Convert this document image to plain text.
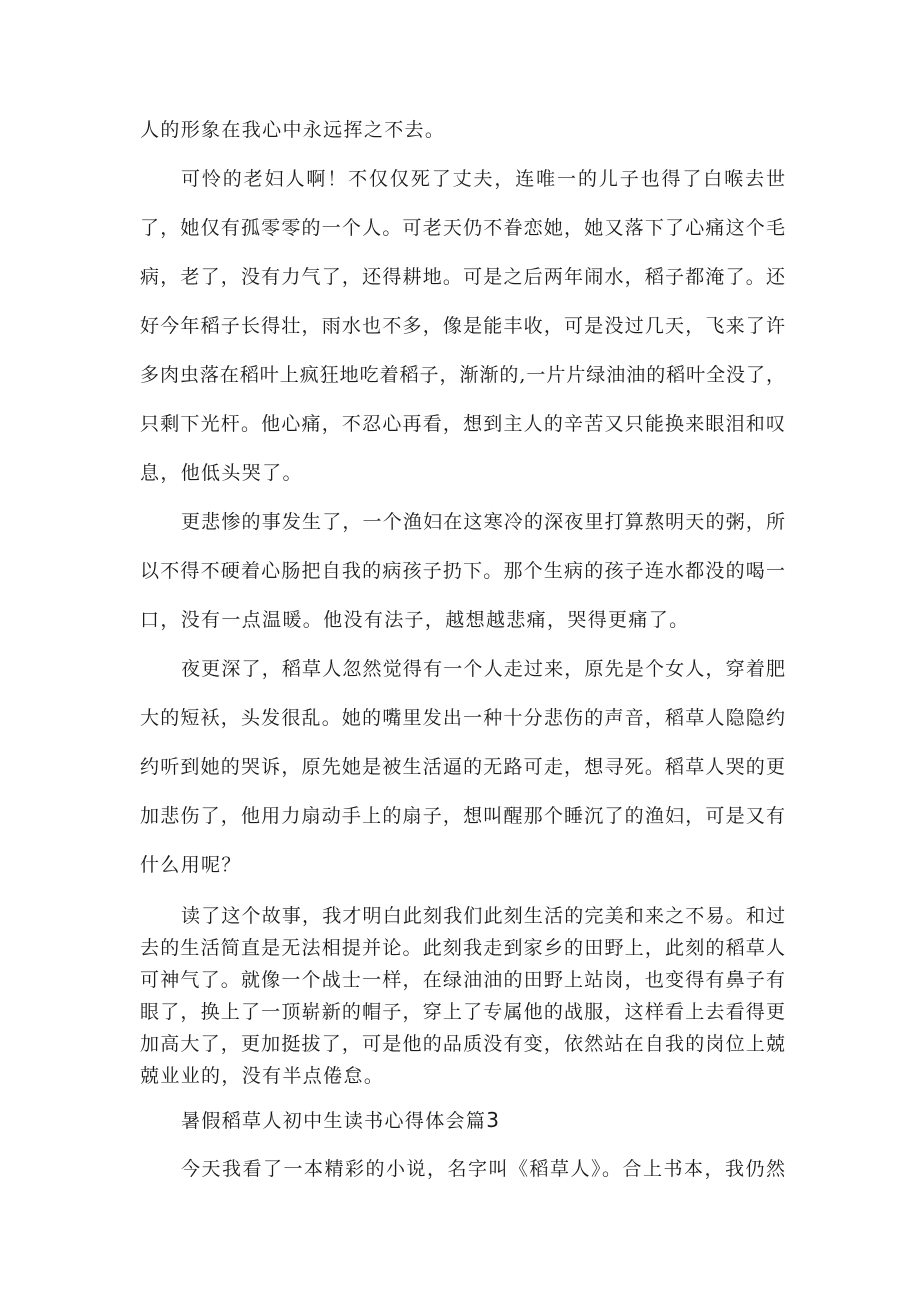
人的形象在我心中永远挥之不去。
可怜的老妇人啊！不仅仅死了丈夫，连唯一的儿子也得了白喉去世
了，她仅有孤零零的一个人。可老天仍不眷恋她，她又落下了心痛这个毛
病，老了，没有力气了，还得耕地。可是之后两年闹水，稻子都淹了。还
好今年稻子长得壮，雨水也不多，像是能丰收，可是没过几天，飞来了许
多肉虫落在稻叶上疯狂地吃着稻子，渐渐的,一片片绿油油的稻叶全没了，
只剩下光杆。他心痛，不忍心再看，想到主人的辛苦又只能换来眼泪和叹
息，他低头哭了。
更悲惨的事发生了，一个渔妇在这寒冷的深夜里打算熬明天的粥，所
以不得不硬着心肠把自我的病孩子扔下。那个生病的孩子连水都没的喝一
口，没有一点温暖。他没有法子，越想越悲痛，哭得更痛了。
夜更深了，稻草人忽然觉得有一个人走过来，原先是个女人，穿着肥
大的短袄，头发很乱。她的嘴里发出一种十分悲伤的声音，稻草人隐隐约
约听到她的哭诉，原先她是被生活逼的无路可走，想寻死。稻草人哭的更
加悲伤了，他用力扇动手上的扇子，想叫醒那个睡沉了的渔妇，可是又有
什么用呢？
读了这个故事，我才明白此刻我们此刻生活的完美和来之不易。和过
去的生活简直是无法相提并论。此刻我走到家乡的田野上，此刻的稻草人
可神气了。就像一个战士一样，在绿油油的田野上站岗，也变得有鼻子有
眼了，换上了一顶崭新的帽子，穿上了专属他的战服，这样看上去看得更
加高大了，更加挺拔了，可是他的品质没有变，依然站在自我的岗位上兢
兢业业的，没有半点倦怠。
暑假稻草人初中生读书心得体会篇3
今天我看了一本精彩的小说，名字叫《稻草人》。合上书本，我仍然
